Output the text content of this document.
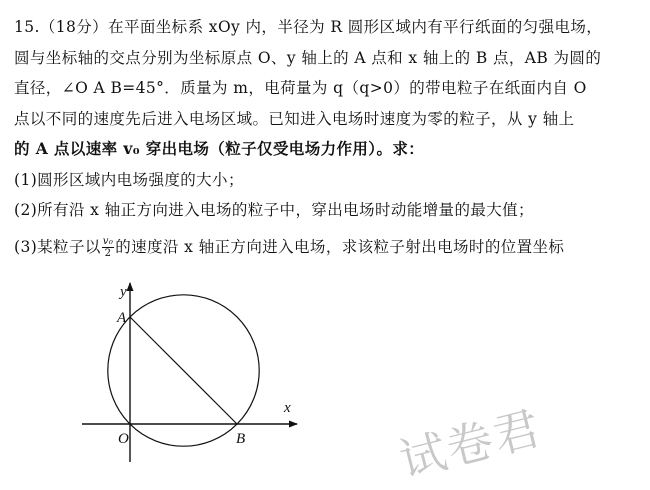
15.（18分）在平面坐标系 xOy 内，半径为 R 圆形区域内有平行纸面的匀强电场，
圆与坐标轴的交点分别为坐标原点 O、y 轴上的 A 点和 x 轴上的 B 点，AB 为圆的
直径，∠O A B=45°．质量为 m，电荷量为 q（q>0）的带电粒子在纸面内自 O
点以不同的速度先后进入电场区域。已知进入电场时速度为零的粒子，从 y 轴上
的 A 点以速率 v₀ 穿出电场（粒子仅受电场力作用）。求：
(1)圆形区域内电场强度的大小；
(2)所有沿 x 轴正方向进入电场的粒子中，穿出电场时动能增量的最大值；
(3)某粒子以 $\frac{\text{v₀}}{2}$ 的速度沿 x 轴正方向进入电场，求该粒子射出电场时的位置坐标
y
x
A
O	B	试卷君
